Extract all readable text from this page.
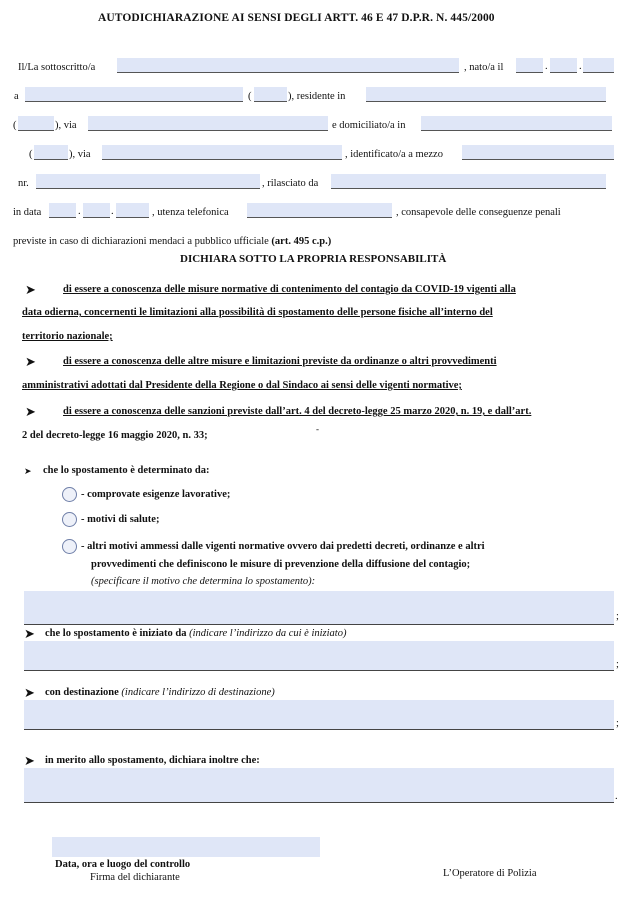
AUTODICHIARAZIONE AI SENSI DEGLI ARTT. 46 E 47 D.P.R. N. 445/2000
Il/La sottoscritto/a	, nato/a il	.	.
a	(	), residente in
(	), via	e domiciliato/a in
(	), via	, identificato/a a mezzo
nr.	, rilasciato da
in data	.	.	, utenza telefonica	, consapevole delle conseguenze penali
previste in caso di dichiarazioni mendaci a pubblico ufficiale (art. 495 c.p.)
DICHIARA SOTTO LA PROPRIA RESPONSABILITÀ
➤	di essere a conoscenza delle misure normative di contenimento del contagio da COVID-19 vigenti alla
data odierna, concernenti le limitazioni alla possibilità di spostamento delle persone fisiche all’interno del
territorio nazionale;
➤	di essere a conoscenza delle altre misure e limitazioni previste da ordinanze o altri provvedimenti
amministrativi adottati dal Presidente della Regione o dal Sindaco ai sensi delle vigenti normative;
➤	di essere a conoscenza delle sanzioni previste dall’art. 4 del decreto-legge 25 marzo 2020, n. 19, e dall’art.
2 del decreto-legge 16 maggio 2020, n. 33;
-
➤ che lo spostamento è determinato da:
- comprovate esigenze lavorative;
- motivi di salute;
- altri motivi ammessi dalle vigenti normative ovvero dai predetti decreti, ordinanze e altri
provvedimenti che definiscono le misure di prevenzione della diffusione del contagio;
(specificare il motivo che determina lo spostamento):
;
➤ che lo spostamento è iniziato da (indicare l’indirizzo da cui è iniziato)
;
➤ con destinazione (indicare l’indirizzo di destinazione)
;
➤ in merito allo spostamento, dichiara inoltre che:
.
Data, ora e luogo del controllo
Firma del dichiarante	L’Operatore di Polizia
